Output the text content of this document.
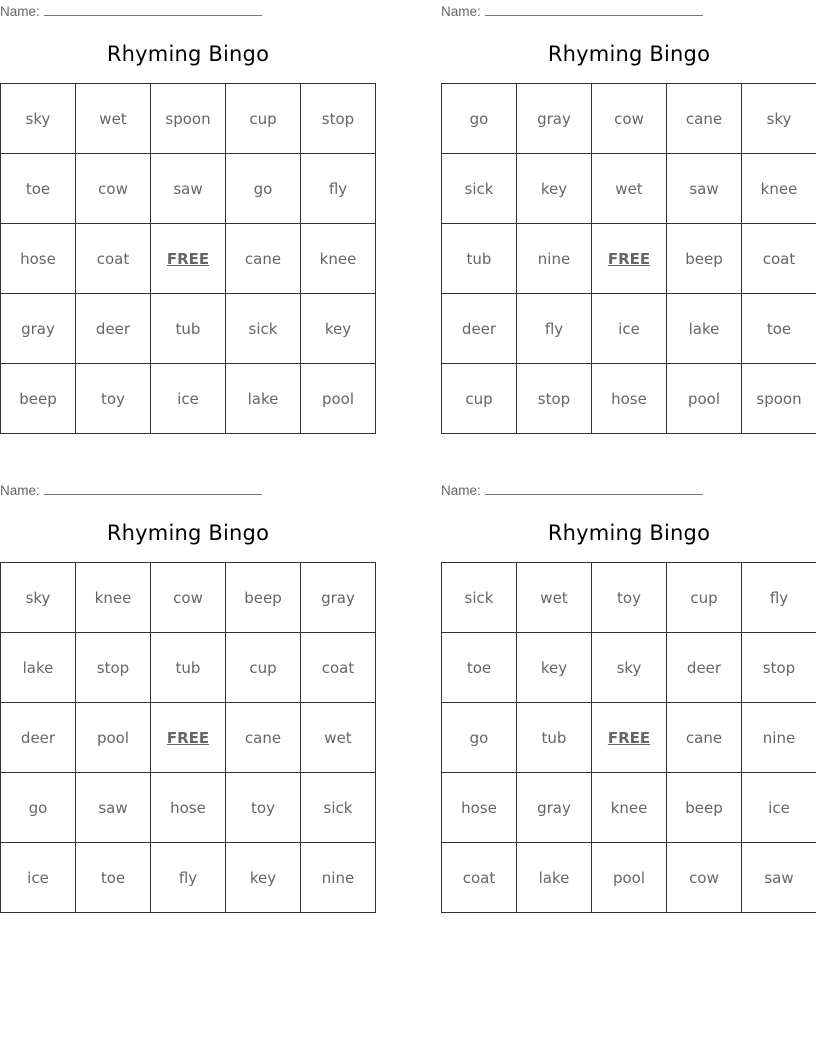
Name:
Rhyming Bingo
sky	wet	spoon	cup	stop
toe	cow	saw	go	fly
hose	coat	FREE	cane	knee
gray	deer	tub	sick	key
beep	toy	ice	lake	pool
Name:
Rhyming Bingo
go	gray	cow	cane	sky
sick	key	wet	saw	knee
tub	nine	FREE	beep	coat
deer	fly	ice	lake	toe
cup	stop	hose	pool	spoon
Name:
Rhyming Bingo
sky	knee	cow	beep	gray
lake	stop	tub	cup	coat
deer	pool	FREE	cane	wet
go	saw	hose	toy	sick
ice	toe	fly	key	nine
Name:
Rhyming Bingo
sick	wet	toy	cup	fly
toe	key	sky	deer	stop
go	tub	FREE	cane	nine
hose	gray	knee	beep	ice
coat	lake	pool	cow	saw
